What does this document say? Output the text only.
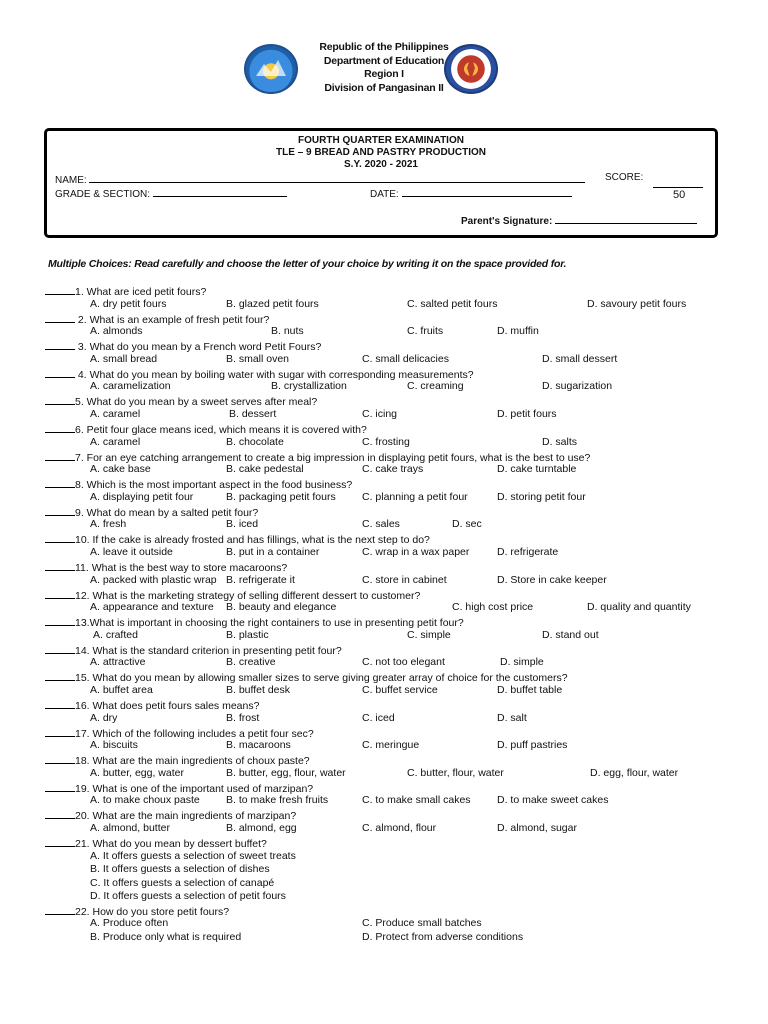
Republic of the Philippines
Department of Education
Region I
Division of Pangasinan II
FOURTH QUARTER EXAMINATION
TLE – 9 BREAD AND PASTRY PRODUCTION
S.Y. 2020 - 2021
NAME:	SCORE:
50
GRADE & SECTION:	DATE:
Parent's Signature:
Multiple Choices: Read carefully and choose the letter of your choice by writing it on the space provided for.
1. What are iced petit fours?
A. dry petit fours	B. glazed petit fours	C. salted petit fours	D. savoury petit fours
2. What is an example of fresh petit four?
A. almonds	B. nuts	C. fruits	D. muffin
3. What do you mean by a French word Petit Fours?
A. small bread	B. small oven	C. small delicacies	D. small dessert
4. What do you mean by boiling water with sugar with corresponding measurements?
A. caramelization	B. crystallization	C. creaming	D. sugarization
5. What do you mean by a sweet serves after meal?
A. caramel	B. dessert	C. icing	D. petit fours
6. Petit four glace means iced, which means it is covered with?
A. caramel	B. chocolate	C. frosting	D. salts
7. For an eye catching arrangement to create a big impression in displaying petit fours, what is the best to use?
A. cake base	B. cake pedestal	C. cake trays	D. cake turntable
8. Which is the most important aspect in the food business?
A. displaying petit four	B. packaging petit fours	C. planning a petit four	D. storing petit four
9. What do mean by a salted petit four?
A. fresh	B. iced	C. sales	D. sec
10. If the cake is already frosted and has fillings, what is the next step to do?
A. leave it outside	B. put in a container	C. wrap in a wax paper	D. refrigerate
11. What is the best way to store macaroons?
A. packed with plastic wrap B. refrigerate it	C. store in cabinet	D. Store in cake keeper
12. What is the marketing strategy of selling different dessert to customer?
A. appearance and texture B. beauty and elegance	C. high cost price	D. quality and quantity
13.What is important in choosing the right containers to use in presenting petit four?
A. crafted	B. plastic	C. simple	D. stand out
14. What is the standard criterion in presenting petit four?
A. attractive	B. creative	C. not too elegant	D. simple
15. What do you mean by allowing smaller sizes to serve giving greater array of choice for the customers?
A. buffet area	B. buffet desk	C. buffet service	D. buffet table
16. What does petit fours sales means?
A. dry	B. frost	C. iced	D. salt
17. Which of the following includes a petit four sec?
A. biscuits	B. macaroons	C. meringue	D. puff pastries
18. What are the main ingredients of choux paste?
A. butter, egg, water	B. butter, egg, flour, water	C. butter, flour, water	D. egg, flour, water
19. What is one of the important used of marzipan?
A. to make choux paste	B. to make fresh fruits	C. to make small cakes	D. to make sweet cakes
20. What are the main ingredients of marzipan?
A. almond, butter	B. almond, egg	C. almond, flour	D. almond, sugar
21. What do you mean by dessert buffet?
A. It offers guests a selection of sweet treats
B. It offers guests a selection of dishes
C. It offers guests a selection of canapé
D. It offers guests a selection of petit fours
22. How do you store petit fours?
A. Produce often	C. Produce small batches
B. Produce only what is required	D. Protect from adverse conditions
